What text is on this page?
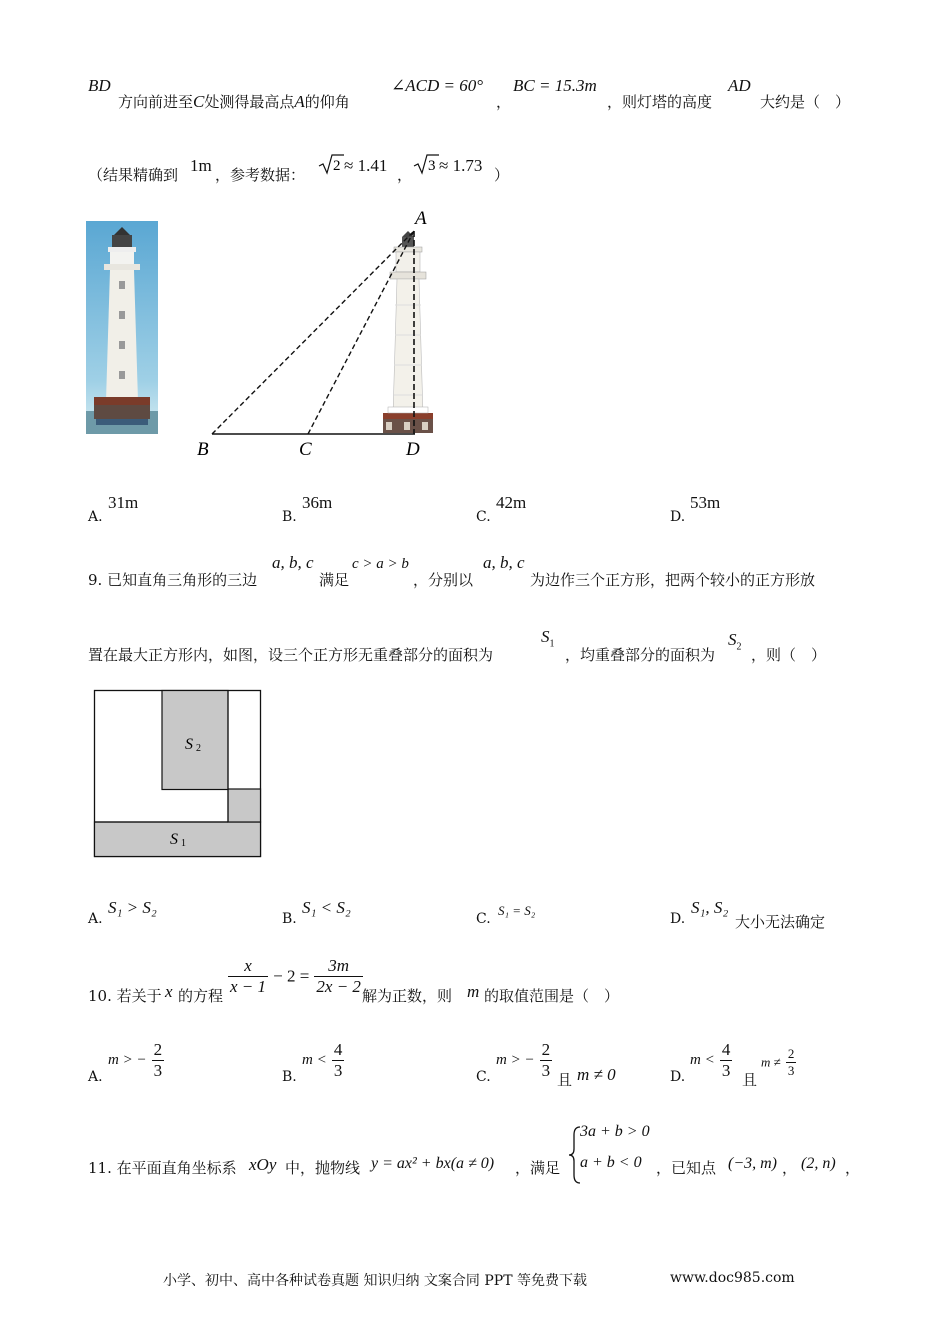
BD
方向前进至C处测得最高点A的仰角
∠ACD = 60°
，
BC = 15.3m
，则灯塔的高度
AD
大约是（　）
（结果精确到 1m ，参考数据： 2 ≈ 1.41 ， 3 ≈ 1.73 ）
A
B	C	D
A.
31m
B.
36m
C.
42m
D.
53m
9. 已知直角三角形的三边
a, b, c
满足
c > a > b
，分别以
a, b, c
为边作三个正方形，把两个较小的正方形放
置在最大正方形内，如图，设三个正方形无重叠部分的面积为
$S_1$
，均重叠部分的面积为
$S_2$ ，则（　）
S 2
S 1
A.
S₁ > S₂
B.
S₁ < S₂
C.
S₁ = S₂
D.
S₁, S₂
大小无法确定
10. 若关于 x 的方程 $\frac{x}{x - 1} - 2 = \frac{3m}{2x - 2}$ 解为正数，则 m 的取值范围是（　）
A.
m > − $\frac{2}{3}$	B.
$m < \frac{4}{3}$	C.
m > − $\frac{2}{3}$ 且 m ≠ 0	D.
$m < \frac{4}{3}$ 且
$m \ne \frac{2}{3}$
11. 在平面直角坐标系 xOy 中，抛物线 y = ax² + bx(a ≠ 0) ，满足
3a + b > 0
a + b < 0 ，已知点 (−3, m) ， (2, n) ，
小学、初中、高中各种试卷真题 知识归纳 文案合同 PPT 等免费下载	www.doc985.com
